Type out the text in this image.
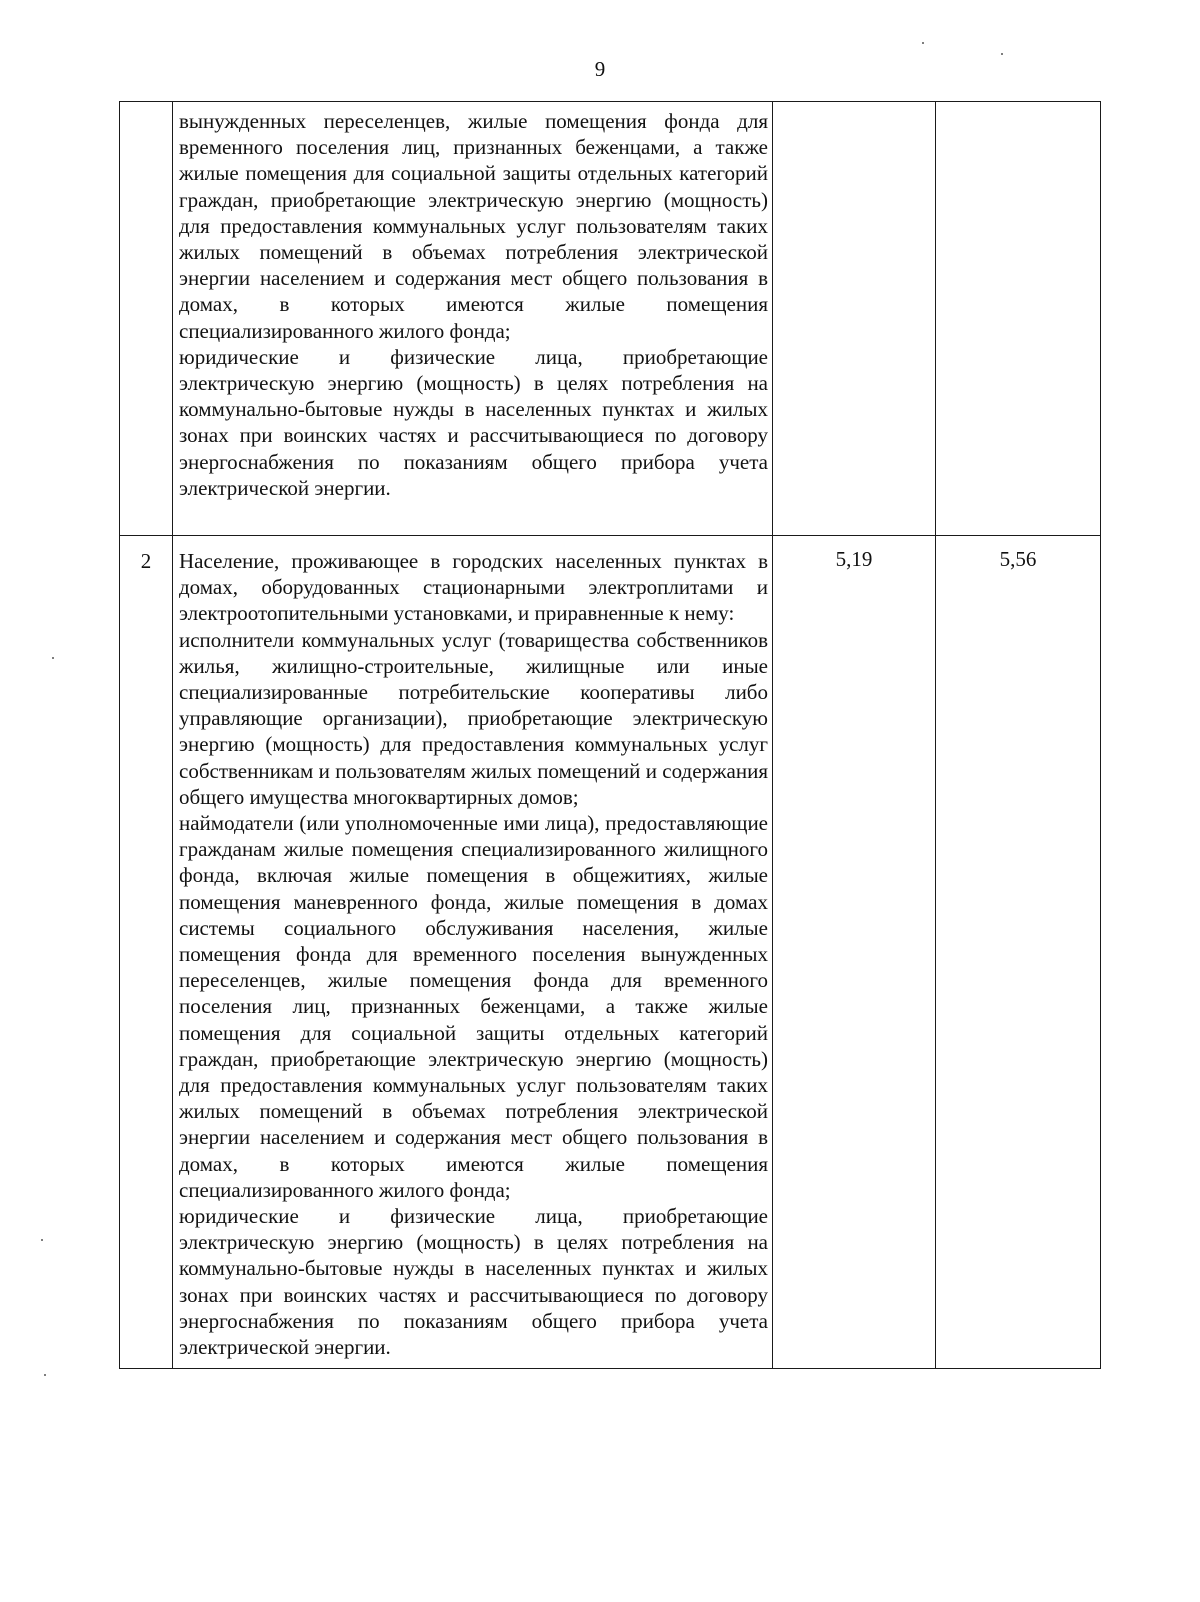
9

	вынужденных переселенцев, жилые помещения фонда для временного поселения лиц, признанных беженцами, а также жилые помещения для социальной защиты отдельных категорий граждан, приобретающие электрическую энергию (мощность) для предоставления коммунальных услуг пользователям таких жилых помещений в объемах потребления электрической энергии населением и содержания мест общего пользования в домах, в которых имеются жилые помещения специализированного жилого фонда;
юридические и физические лица, приобретающие электрическую энергию (мощность) в целях потребления на коммунально-бытовые нужды в населенных пунктах и жилых зонах при воинских частях и рассчитывающиеся по договору энергоснабжения по показаниям общего прибора учета электрической энергии.		

2	Население, проживающее в городских населенных пунктах в домах, оборудованных стационарными электроплитами и электроотопительными установками, и приравненные к нему:
исполнители коммунальных услуг (товарищества собственников жилья, жилищно-строительные, жилищные или иные специализированные потребительские кооперативы либо управляющие организации), приобретающие электрическую энергию (мощность) для предоставления коммунальных услуг собственникам и пользователям жилых помещений и содержания общего имущества многоквартирных домов;
наймодатели (или уполномоченные ими лица), предоставляющие гражданам жилые помещения специализированного жилищного фонда, включая жилые помещения в общежитиях, жилые помещения маневренного фонда, жилые помещения в домах системы социального обслуживания населения, жилые помещения фонда для временного поселения вынужденных переселенцев, жилые помещения фонда для временного поселения лиц, признанных беженцами, а также жилые помещения для социальной защиты отдельных категорий граждан, приобретающие электрическую энергию (мощность) для предоставления коммунальных услуг пользователям таких жилых помещений в объемах потребления электрической энергии населением и содержания мест общего пользования в домах, в которых имеются жилые помещения специализированного жилого фонда;
юридические и физические лица, приобретающие электрическую энергию (мощность) в целях потребления на коммунально-бытовые нужды в населенных пунктах и жилых зонах при воинских частях и рассчитывающиеся по договору энергоснабжения по показаниям общего прибора учета электрической энергии.	5,19	5,56
